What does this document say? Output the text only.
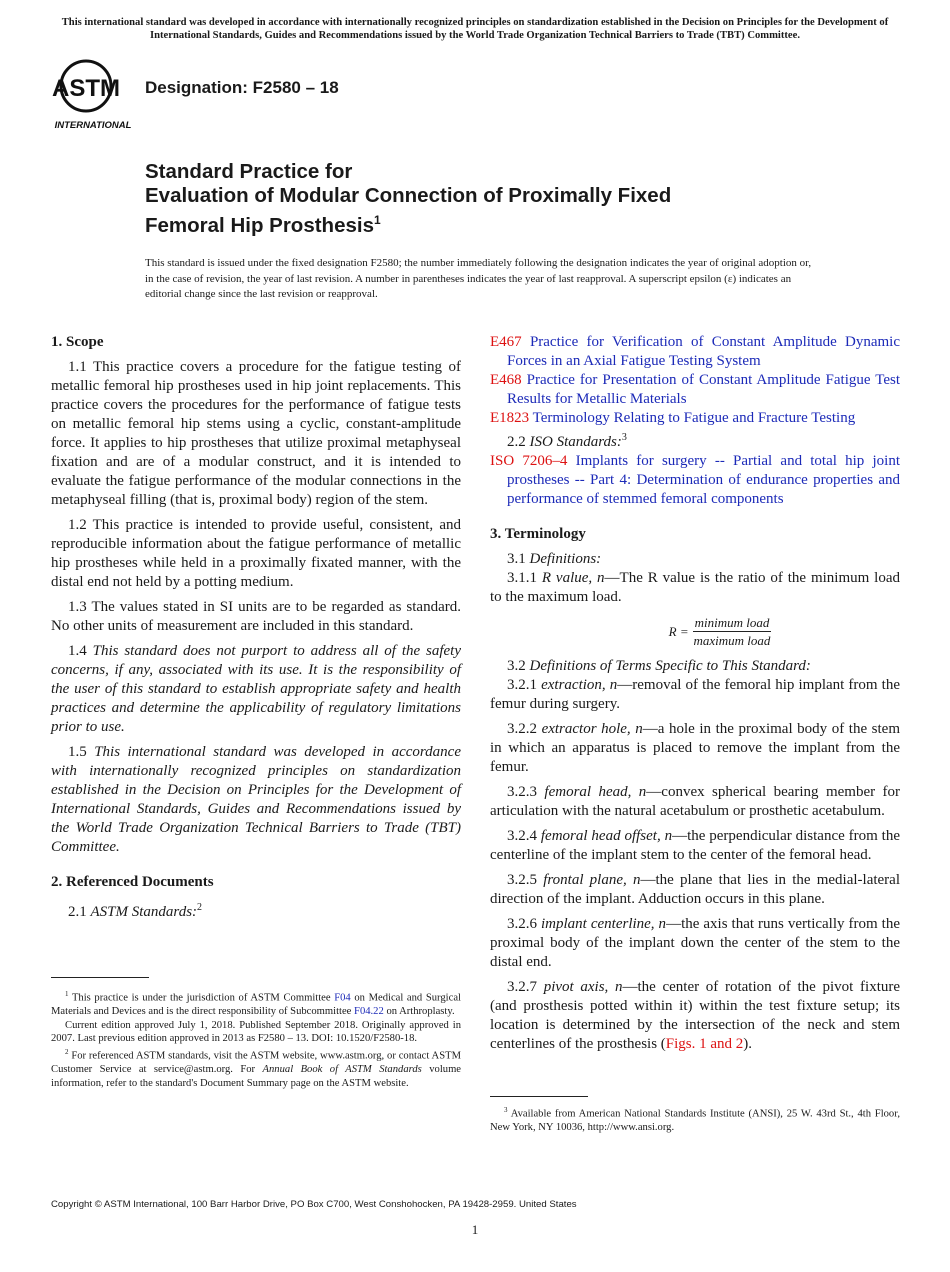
This international standard was developed in accordance with internationally recognized principles on standardization established in the Decision on Principles for the Development of International Standards, Guides and Recommendations issued by the World Trade Organization Technical Barriers to Trade (TBT) Committee.
ASTM
INTERNATIONAL
Designation: F2580 – 18
Standard Practice for
Evaluation of Modular Connection of Proximally Fixed
Femoral Hip Prosthesis$^1$
This standard is issued under the fixed designation F2580; the number immediately following the designation indicates the year of original adoption or, in the case of revision, the year of last revision. A number in parentheses indicates the year of last reapproval. A superscript epsilon (ε) indicates an editorial change since the last revision or reapproval.
1. Scope

1.1 This practice covers a procedure for the fatigue testing of metallic femoral hip prostheses used in hip joint replacements. This practice covers the procedures for the performance of fatigue tests on metallic femoral hip stems using a cyclic, constant-amplitude force. It applies to hip prostheses that utilize proximal metaphyseal fixation and are of a modular construct, and it is intended to evaluate the fatigue performance of the modular connections in the metaphyseal filling (that is, proximal body) region of the stem.

1.2 This practice is intended to provide useful, consistent, and reproducible information about the fatigue performance of metallic hip prostheses while held in a proximally fixated manner, with the distal end not held by a potting medium.

1.3 The values stated in SI units are to be regarded as standard. No other units of measurement are included in this standard.

1.4 This standard does not purport to address all of the safety concerns, if any, associated with its use. It is the responsibility of the user of this standard to establish appropriate safety and health practices and determine the applicability of regulatory limitations prior to use.

1.5 This international standard was developed in accordance with internationally recognized principles on standardization established in the Decision on Principles for the Development of International Standards, Guides and Recommendations issued by the World Trade Organization Technical Barriers to Trade (TBT) Committee.

2. Referenced Documents

2.1 ASTM Standards:$^2$

$^1$ This practice is under the jurisdiction of ASTM Committee F04 on Medical and Surgical Materials and Devices and is the direct responsibility of Subcommittee F04.22 on Arthroplasty.

Current edition approved July 1, 2018. Published September 2018. Originally approved in 2007. Last previous edition approved in 2013 as F2580 – 13. DOI: 10.1520/F2580-18.

$^2$ For referenced ASTM standards, visit the ASTM website, www.astm.org, or contact ASTM Customer Service at service@astm.org. For Annual Book of ASTM Standards volume information, refer to the standard's Document Summary page on the ASTM website.

E467 Practice for Verification of Constant Amplitude Dynamic Forces in an Axial Fatigue Testing System

E468 Practice for Presentation of Constant Amplitude Fatigue Test Results for Metallic Materials

E1823 Terminology Relating to Fatigue and Fracture Testing

2.2 ISO Standards:$^3$

ISO 7206–4 Implants for surgery -- Partial and total hip joint prostheses -- Part 4: Determination of endurance properties and performance of stemmed femoral components

3. Terminology

3.1 Definitions:

3.1.1 R value, n—The R value is the ratio of the minimum load to the maximum load.

R =
minimum load
maximum load

3.2 Definitions of Terms Specific to This Standard:

3.2.1 extraction, n—removal of the femoral hip implant from the femur during surgery.

3.2.2 extractor hole, n—a hole in the proximal body of the stem in which an apparatus is placed to remove the implant from the femur.

3.2.3 femoral head, n—convex spherical bearing member for articulation with the natural acetabulum or prosthetic acetabulum.

3.2.4 femoral head offset, n—the perpendicular distance from the centerline of the implant stem to the center of the femoral head.

3.2.5 frontal plane, n—the plane that lies in the medial-lateral direction of the implant. Adduction occurs in this plane.

3.2.6 implant centerline, n—the axis that runs vertically from the proximal body of the implant down the center of the stem to the distal end.

3.2.7 pivot axis, n—the center of rotation of the pivot fixture (and prosthesis potted within it) within the test fixture setup; its location is determined by the intersection of the neck and stem centerlines of the prosthesis (Figs. 1 and 2).

$^3$ Available from American National Standards Institute (ANSI), 25 W. 43rd St., 4th Floor, New York, NY 10036, http://www.ansi.org.

Copyright © ASTM International, 100 Barr Harbor Drive, PO Box C700, West Conshohocken, PA 19428-2959. United States
1
